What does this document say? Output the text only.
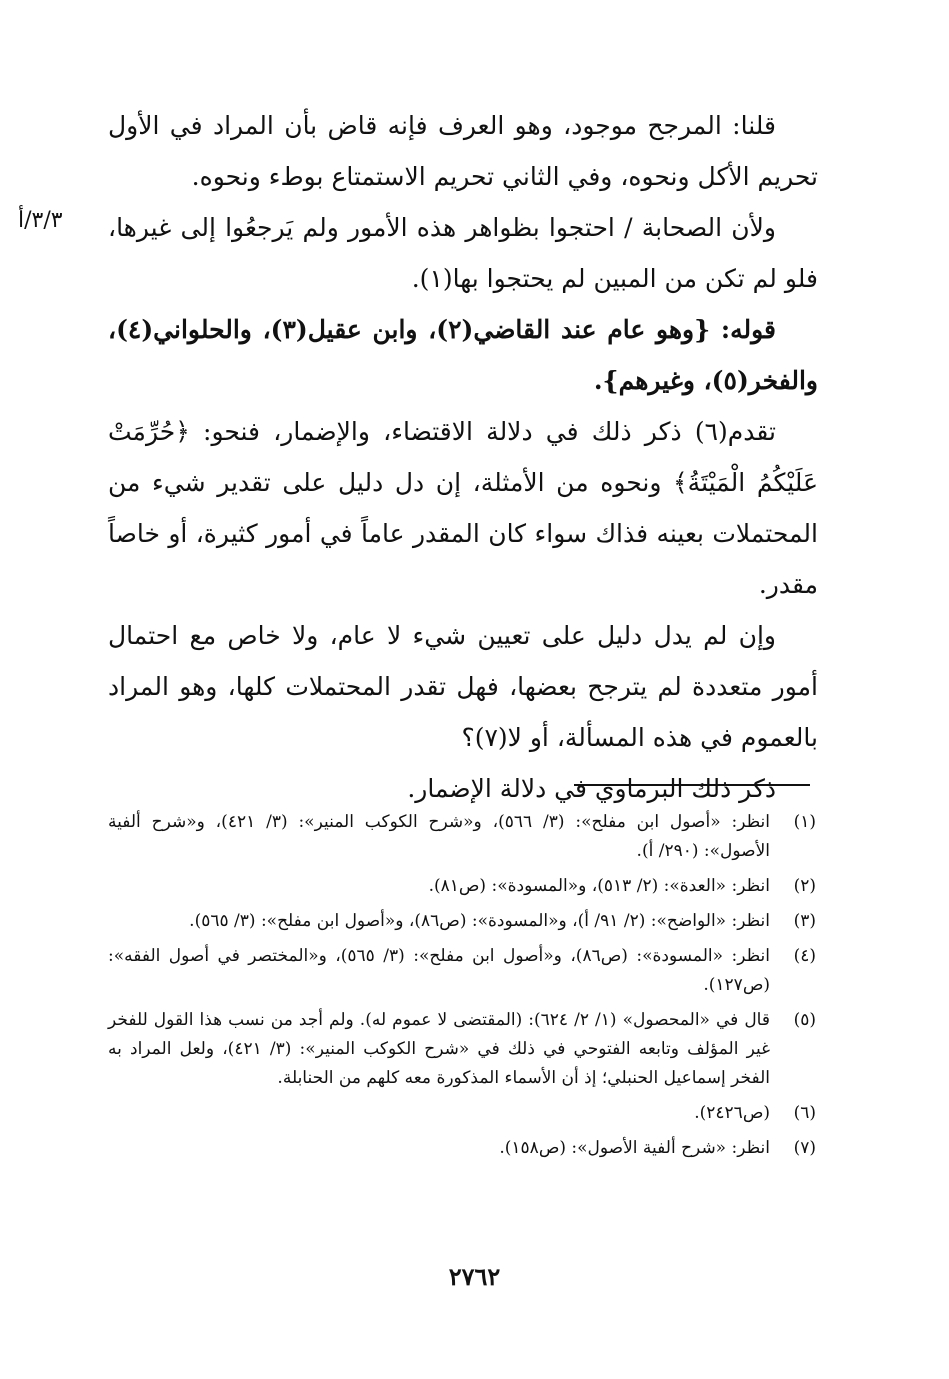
٣/٣/أ

قلنا: المرجح موجود، وهو العرف فإنه قاض بأن المراد في الأول تحريم الأكل ونحوه، وفي الثاني تحريم الاستمتاع بوطء ونحوه.

ولأن الصحابة / احتجوا بظواهر هذه الأمور ولم يَرجعُوا إلى غيرها، فلو لم تكن من المبين لم يحتجوا بها(١).

قوله: {وهو عام عند القاضي(٢)، وابن عقيل(٣)، والحلواني(٤)، والفخر(٥)، وغيرهم}.

تقدم(٦) ذكر ذلك في دلالة الاقتضاء، والإضمار، فنحو: ﴿حُرِّمَتْ عَلَيْكُمُ الْمَيْتَةُ﴾ ونحوه من الأمثلة، إن دل دليل على تقدير شيء من المحتملات بعينه فذاك سواء كان المقدر عاماً في أمور كثيرة، أو خاصاً مقدر.

وإن لم يدل دليل على تعيين شيء لا عام، ولا خاص مع احتمال أمور متعددة لم يترجح بعضها، فهل تقدر المحتملات كلها، وهو المراد بالعموم في هذه المسألة، أو لا(٧)؟

ذكر ذلك البرماوي في دلالة الإضمار.

(١)
انظر: «أصول ابن مفلح»: (٣/ ٥٦٦)، و«شرح الكوكب المنير»: (٣/ ٤٢١)، و«شرح ألفية الأصول»: (٢٩٠/ أ).
(٢)
انظر: «العدة»: (٢/ ٥١٣)، و«المسودة»: (ص٨١).
(٣)
انظر: «الواضح»: (٢/ ٩١/ أ)، و«المسودة»: (ص٨٦)، و«أصول ابن مفلح»: (٣/ ٥٦٥).
(٤)
انظر: «المسودة»: (ص٨٦)، و«أصول ابن مفلح»: (٣/ ٥٦٥)، و«المختصر في أصول الفقه»: (ص١٢٧).
(٥)
قال في «المحصول» (١/ ٢/ ٦٢٤): (المقتضى لا عموم له). ولم أجد من نسب هذا القول للفخر غير المؤلف وتابعه الفتوحي في ذلك في «شرح الكوكب المنير»: (٣/ ٤٢١)، ولعل المراد به الفخر إسماعيل الحنبلي؛ إذ أن الأسماء المذكورة معه كلهم من الحنابلة.
(٦)
(ص٢٤٢٦).
(٧)
انظر: «شرح ألفية الأصول»: (ص١٥٨).
٢٧٦٢
